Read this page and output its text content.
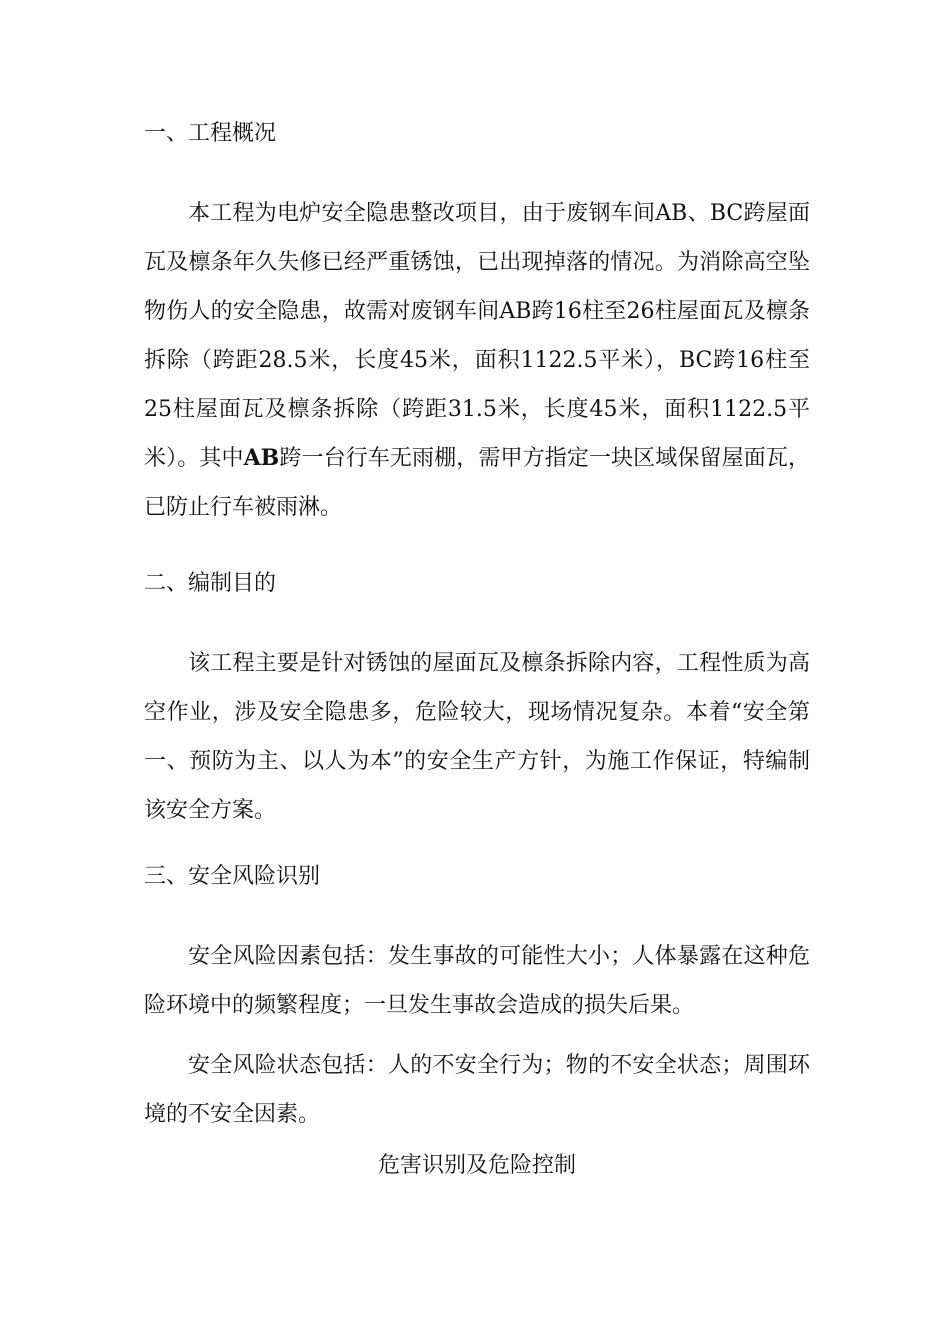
一、工程概况

本工程为电炉安全隐患整改项目，由于废钢车间AB、BC跨屋面瓦及檩条年久失修已经严重锈蚀，已出现掉落的情况。为消除高空坠物伤人的安全隐患，故需对废钢车间AB跨16柱至26柱屋面瓦及檩条拆除（跨距28.5米，长度45米，面积1122.5平米），BC跨16柱至25柱屋面瓦及檩条拆除（跨距31.5米，长度45米，面积1122.5平米）。其中AB跨一台行车无雨棚，需甲方指定一块区域保留屋面瓦，已防止行车被雨淋。

二、编制目的

该工程主要是针对锈蚀的屋面瓦及檩条拆除内容，工程性质为高空作业，涉及安全隐患多，危险较大，现场情况复杂。本着“安全第一、预防为主、以人为本”的安全生产方针，为施工作保证，特编制该安全方案。

三、安全风险识别

安全风险因素包括：发生事故的可能性大小；人体暴露在这种危险环境中的频繁程度；一旦发生事故会造成的损失后果。

安全风险状态包括：人的不安全行为；物的不安全状态；周围环境的不安全因素。

危害识别及危险控制
